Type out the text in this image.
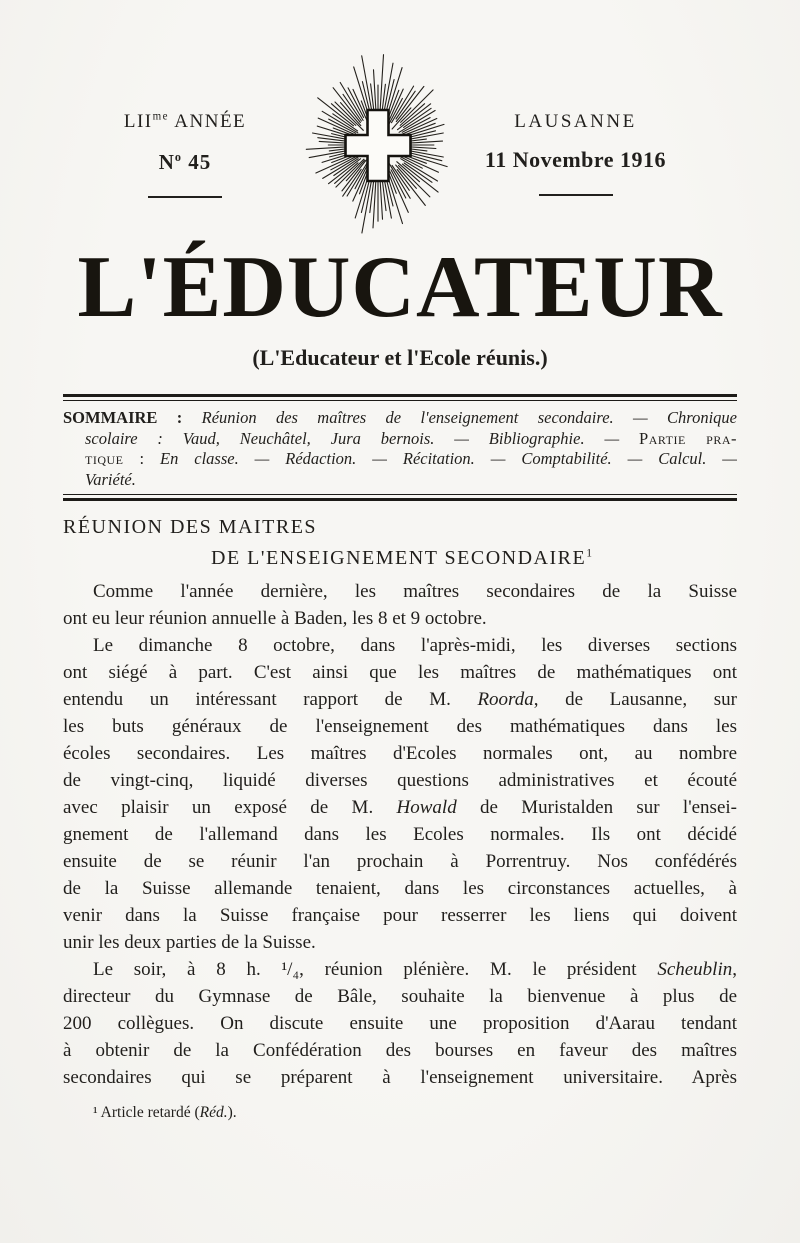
$LII^{me}$ ANNÉE
$N^o$ 45
LAUSANNE
11 Novembre 1916
L'ÉDUCATEUR
(L'Educateur et l'Ecole réunis.)
SOMMAIRE : Réunion des maîtres de l'enseignement secondaire. — Chronique
scolaire : Vaud, Neuchâtel, Jura bernois. — Bibliographie. — Partie pra-
tique : En classe. — Rédaction. — Récitation. — Comptabilité. — Calcul. —
Variété.
RÉUNION DES MAITRES
DE L'ENSEIGNEMENT SECONDAIRE$^1$
Comme l'année dernière, les maîtres secondaires de la Suisse
ont eu leur réunion annuelle à Baden, les 8 et 9 octobre.
Le dimanche 8 octobre, dans l'après-midi, les diverses sections
ont siégé à part. C'est ainsi que les maîtres de mathématiques ont
entendu un intéressant rapport de M. Roorda, de Lausanne, sur
les buts généraux de l'enseignement des mathématiques dans les
écoles secondaires. Les maîtres d'Ecoles normales ont, au nombre
de vingt-cinq, liquidé diverses questions administratives et écouté
avec plaisir un exposé de M. Howald de Muristalden sur l'ensei-
gnement de l'allemand dans les Ecoles normales. Ils ont décidé
ensuite de se réunir l'an prochain à Porrentruy. Nos confédérés
de la Suisse allemande tenaient, dans les circonstances actuelles, à
venir dans la Suisse française pour resserrer les liens qui doivent
unir les deux parties de la Suisse.
Le soir, à 8 h. ¹/₄, réunion plénière. M. le président Scheublin,
directeur du Gymnase de Bâle, souhaite la bienvenue à plus de
200 collègues. On discute ensuite une proposition d'Aarau tendant
à obtenir de la Confédération des bourses en faveur des maîtres
secondaires qui se préparent à l'enseignement universitaire. Après
¹ Article retardé (Réd.).
